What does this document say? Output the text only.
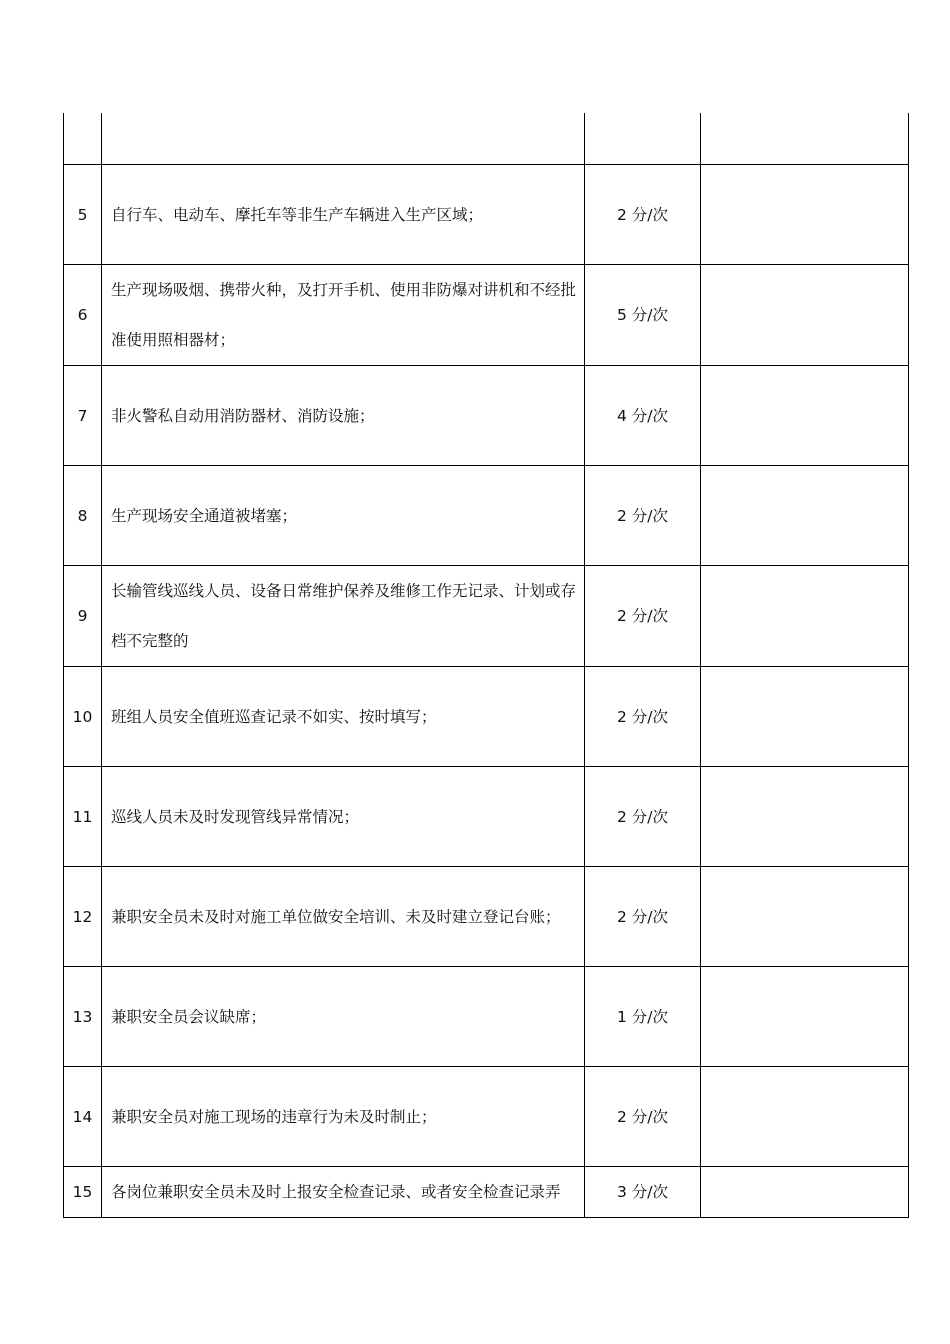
5	自行车、电动车、摩托车等非生产车辆进入生产区域；	2 分/次	
6	生产现场吸烟、携带火种，及打开手机、使用非防爆对讲机和不经批准使用照相器材；	5 分/次	
7	非火警私自动用消防器材、消防设施；	4 分/次	
8	生产现场安全通道被堵塞；	2 分/次	
9	长输管线巡线人员、设备日常维护保养及维修工作无记录、计划或存档不完整的	2 分/次	
10	班组人员安全值班巡查记录不如实、按时填写；	2 分/次	
11	巡线人员未及时发现管线异常情况；	2 分/次	
12	兼职安全员未及时对施工单位做安全培训、未及时建立登记台账；	2 分/次	
13	兼职安全员会议缺席；	1 分/次	
14	兼职安全员对施工现场的违章行为未及时制止；	2 分/次	
15	各岗位兼职安全员未及时上报安全检查记录、或者安全检查记录弄	3 分/次	
